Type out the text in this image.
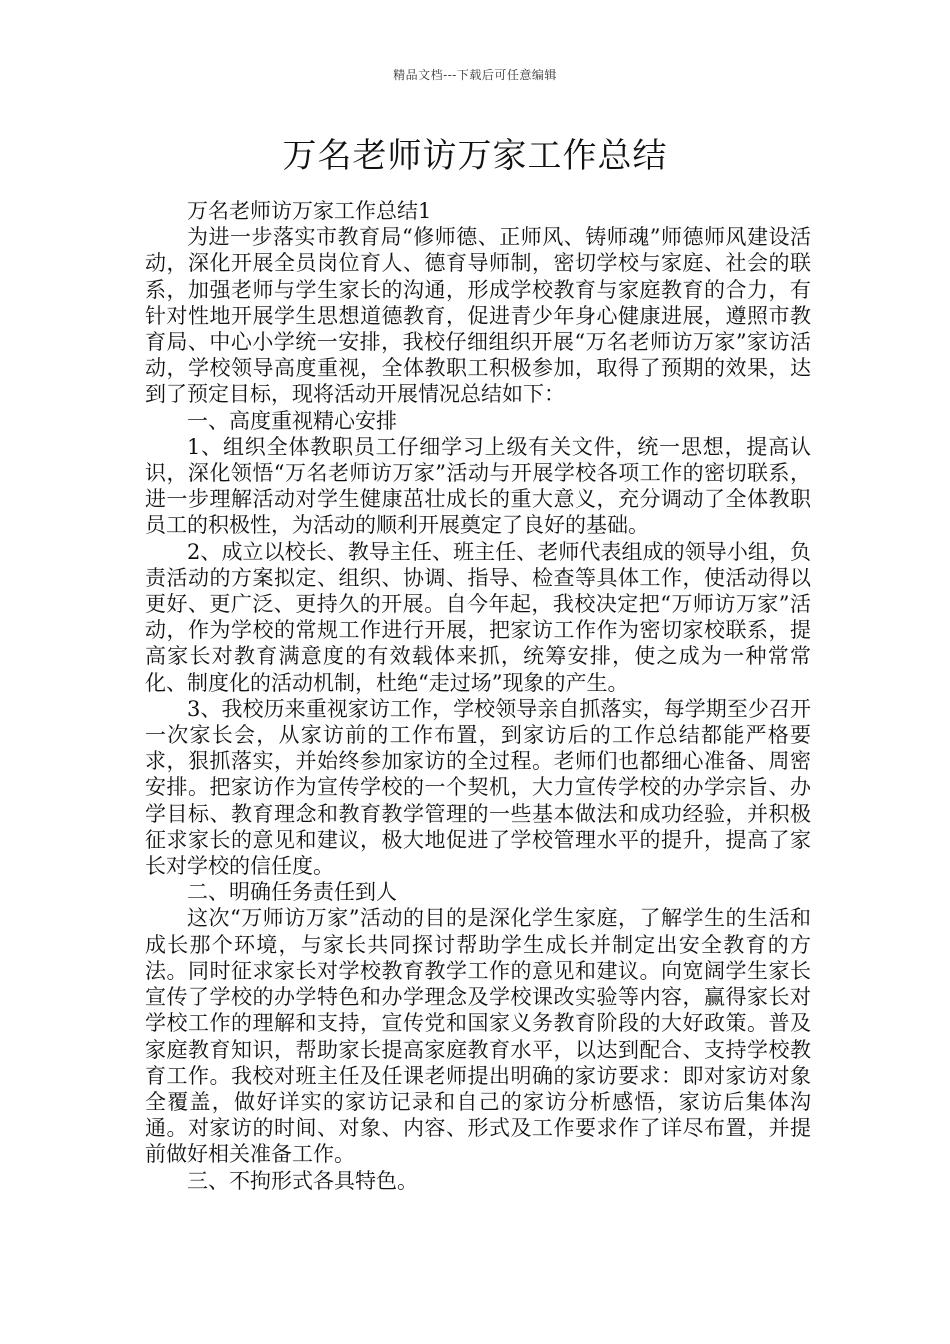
精品文档---下载后可任意编辑
万名老师访万家工作总结

万名老师访万家工作总结1

为进一步落实市教育局“修师德、正师风、铸师魂”师德师风建设活动，深化开展全员岗位育人、德育导师制，密切学校与家庭、社会的联系，加强老师与学生家长的沟通，形成学校教育与家庭教育的合力，有针对性地开展学生思想道德教育，促进青少年身心健康进展，遵照市教育局、中心小学统一安排，我校仔细组织开展“万名老师访万家”家访活动，学校领导高度重视，全体教职工积极参加，取得了预期的效果，达到了预定目标，现将活动开展情况总结如下：

一、高度重视精心安排

1、组织全体教职员工仔细学习上级有关文件，统一思想，提高认识，深化领悟“万名老师访万家”活动与开展学校各项工作的密切联系，进一步理解活动对学生健康茁壮成长的重大意义，充分调动了全体教职员工的积极性，为活动的顺利开展奠定了良好的基础。

2、成立以校长、教导主任、班主任、老师代表组成的领导小组，负责活动的方案拟定、组织、协调、指导、检查等具体工作，使活动得以更好、更广泛、更持久的开展。自今年起，我校决定把“万师访万家”活动，作为学校的常规工作进行开展，把家访工作作为密切家校联系，提高家长对教育满意度的有效载体来抓，统筹安排，使之成为一种常常化、制度化的活动机制，杜绝“走过场”现象的产生。

3、我校历来重视家访工作，学校领导亲自抓落实，每学期至少召开一次家长会，从家访前的工作布置，到家访后的工作总结都能严格要求，狠抓落实，并始终参加家访的全过程。老师们也都细心准备、周密安排。把家访作为宣传学校的一个契机，大力宣传学校的办学宗旨、办学目标、教育理念和教育教学管理的一些基本做法和成功经验，并积极征求家长的意见和建议，极大地促进了学校管理水平的提升，提高了家长对学校的信任度。

二、明确任务责任到人

这次“万师访万家”活动的目的是深化学生家庭，了解学生的生活和成长那个环境，与家长共同探讨帮助学生成长并制定出安全教育的方法。同时征求家长对学校教育教学工作的意见和建议。向宽阔学生家长宣传了学校的办学特色和办学理念及学校课改实验等内容，赢得家长对学校工作的理解和支持，宣传党和国家义务教育阶段的大好政策。普及家庭教育知识，帮助家长提高家庭教育水平，以达到配合、支持学校教育工作。我校对班主任及任课老师提出明确的家访要求：即对家访对象全覆盖，做好详实的家访记录和自己的家访分析感悟，家访后集体沟通。对家访的时间、对象、内容、形式及工作要求作了详尽布置，并提前做好相关准备工作。

三、不拘形式各具特色。
